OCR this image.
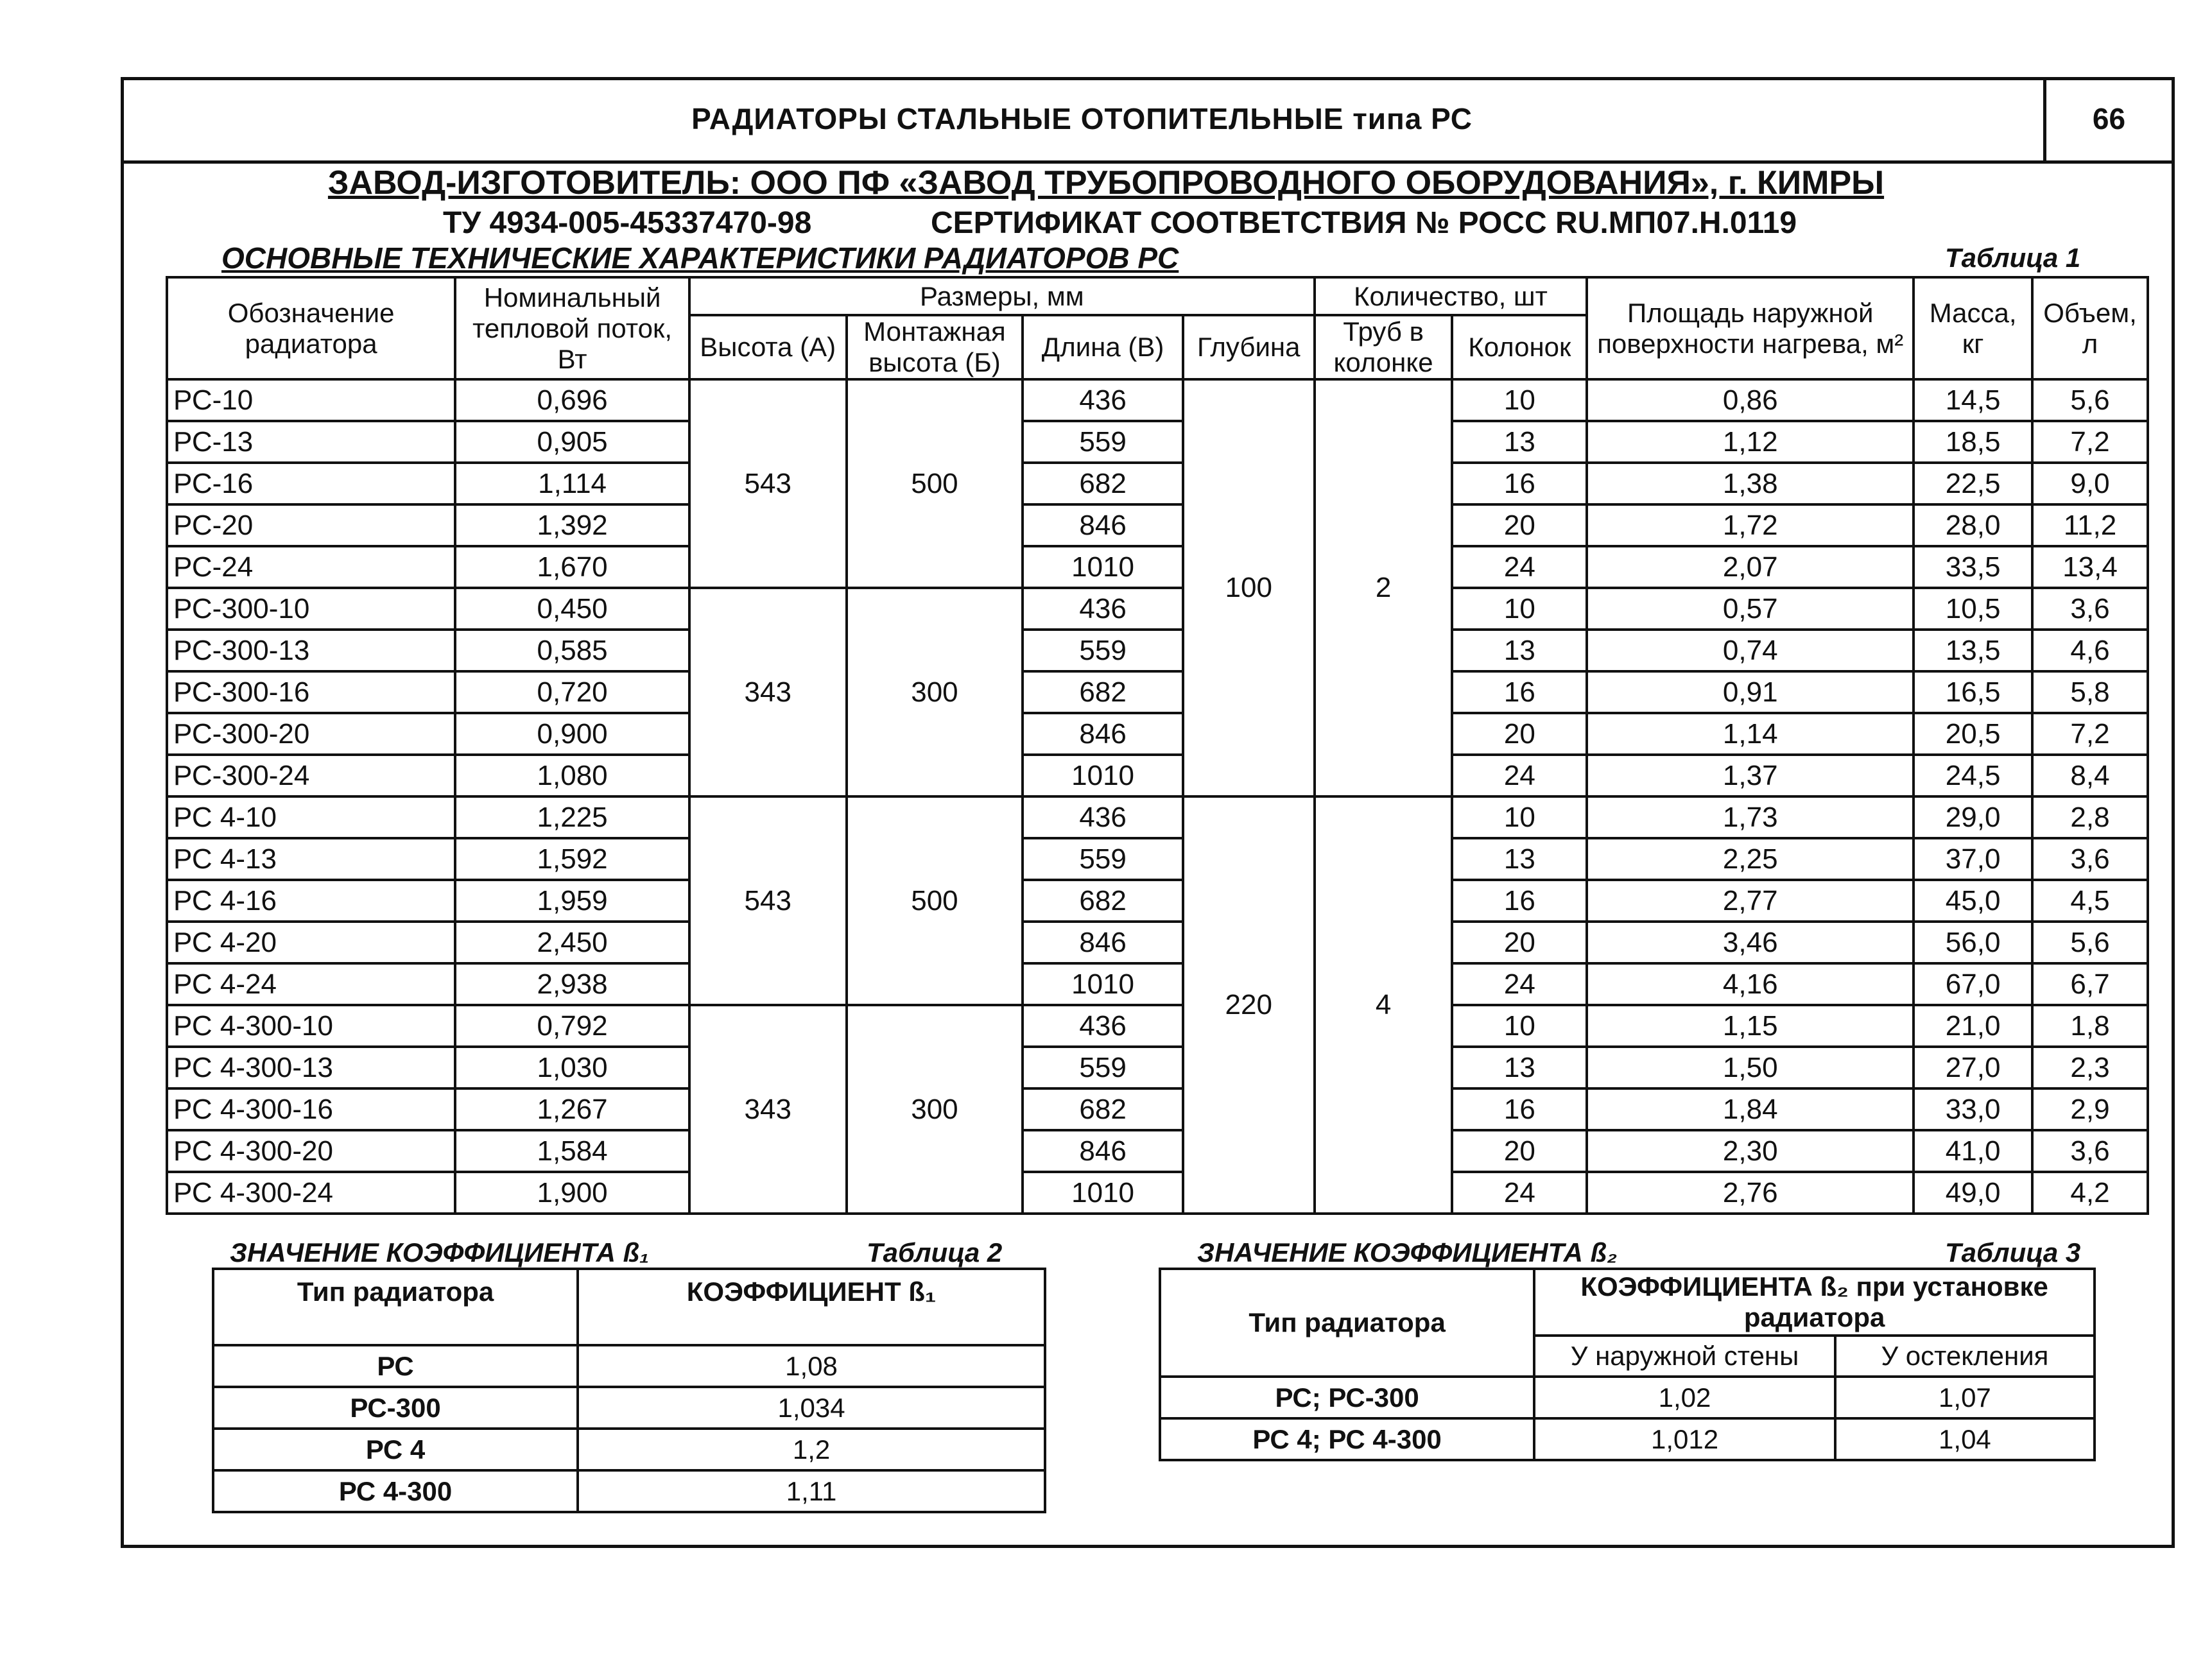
РАДИАТОРЫ СТАЛЬНЫЕ ОТОПИТЕЛЬНЫЕ типа РС	66
ЗАВОД-ИЗГОТОВИТЕЛЬ: ООО ПФ «ЗАВОД ТРУБОПРОВОДНОГО ОБОРУДОВАНИЯ», г. КИМРЫ
ТУ 4934-005-45337470-98	СЕРТИФИКАТ СООТВЕТСТВИЯ № РОСС RU.МП07.Н.0119
ОСНОВНЫЕ ТЕХНИЧЕСКИЕ ХАРАКТЕРИСТИКИ РАДИАТОРОВ РС	Таблица 1
Обозначение радиатора	Номинальный тепловой поток, Вт	Размеры, мм				Количество, шт		Площадь наружной поверхности нагрева, м²	Масса, кг	Объем, л
		Высота (А)	Монтажная высота (Б)	Длина (В)	Глубина	Труб в колонке	Колонок			
РС-10	0,696	543	500	436	100	2	10	0,86	14,5	5,6
РС-13	0,905			559			13	1,12	18,5	7,2
РС-16	1,114			682			16	1,38	22,5	9,0
РС-20	1,392			846			20	1,72	28,0	11,2
РС-24	1,670			1010			24	2,07	33,5	13,4
РС-300-10	0,450	343	300	436			10	0,57	10,5	3,6
РС-300-13	0,585			559			13	0,74	13,5	4,6
РС-300-16	0,720			682			16	0,91	16,5	5,8
РС-300-20	0,900			846			20	1,14	20,5	7,2
РС-300-24	1,080			1010			24	1,37	24,5	8,4
РС 4-10	1,225	543	500	436	220	4	10	1,73	29,0	2,8
РС 4-13	1,592			559			13	2,25	37,0	3,6
РС 4-16	1,959			682			16	2,77	45,0	4,5
РС 4-20	2,450			846			20	3,46	56,0	5,6
РС 4-24	2,938			1010			24	4,16	67,0	6,7
РС 4-300-10	0,792	343	300	436			10	1,15	21,0	1,8
РС 4-300-13	1,030			559			13	1,50	27,0	2,3
РС 4-300-16	1,267			682			16	1,84	33,0	2,9
РС 4-300-20	1,584			846			20	2,30	41,0	3,6
РС 4-300-24	1,900			1010			24	2,76	49,0	4,2
ЗНАЧЕНИЕ КОЭФФИЦИЕНТА ß₁	Таблица 2
Тип радиатора	КОЭФФИЦИЕНТ ß₁
РС	1,08
РС-300	1,034
РС 4	1,2
РС 4-300	1,11
ЗНАЧЕНИЕ КОЭФФИЦИЕНТА ß₂	Таблица 3
Тип радиатора	КОЭФФИЦИЕНТА ß₂ при установке радиатора	
	У наружной стены	У остекления
РС; РС-300	1,02	1,07
РС 4; РС 4-300	1,012	1,04
